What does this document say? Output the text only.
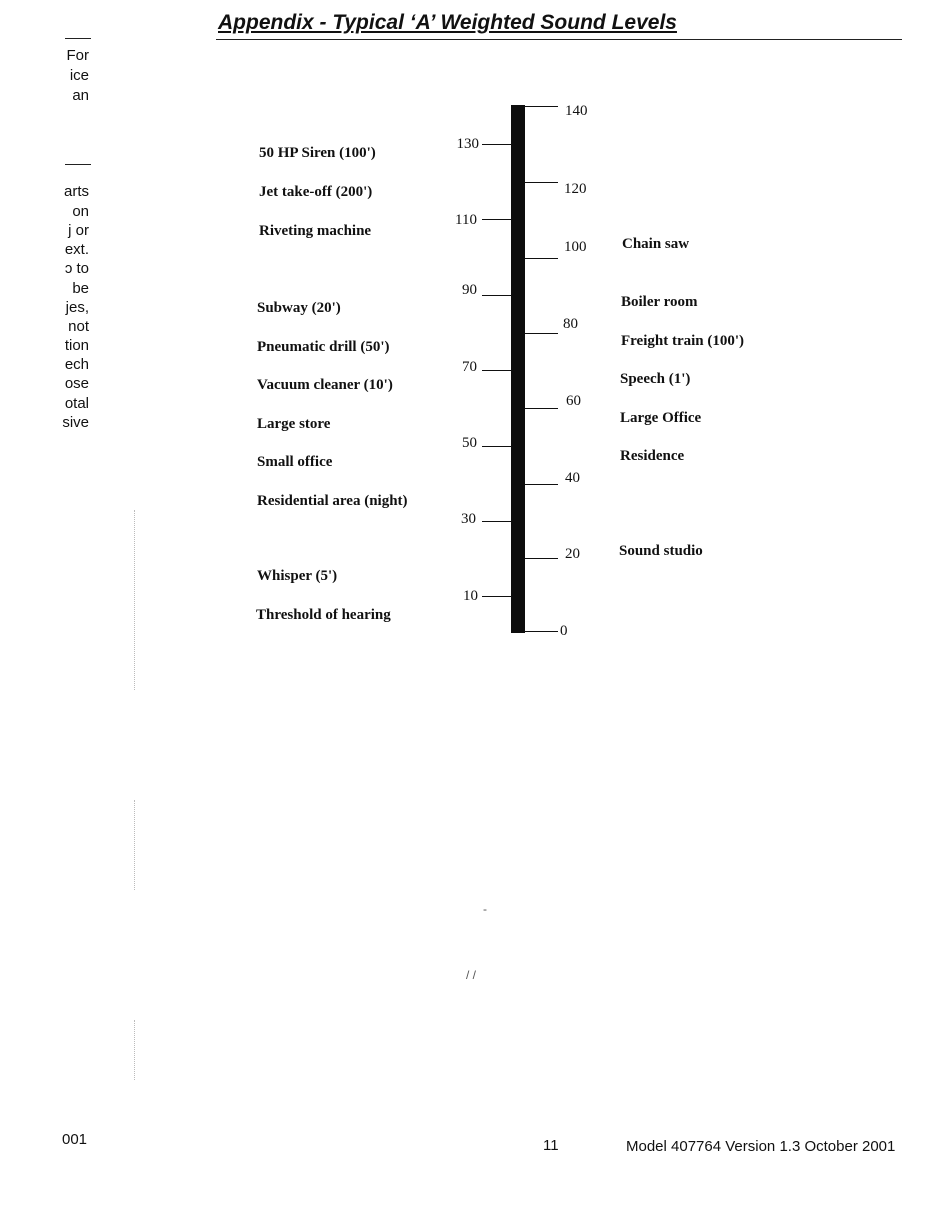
Appendix - Typical ‘A’ Weighted Sound Levels
For
ice
an
arts
on
j or
ext.
ɔ to
be
jes,
not
tion
ech
ose
otal
sive
130
110
90
70
50
30
10
140
120
100
80
60
40
20
0
50 HP Siren (100')
Jet take-off (200')
Riveting machine
Subway (20')
Pneumatic drill (50')
Vacuum cleaner (10')
Large store
Small office
Residential area (night)
Whisper (5')
Threshold of hearing
Chain saw
Boiler room
Freight train (100')
Speech (1')
Large Office
Residence
Sound studio
/ /
-
001	11	Model 407764 Version 1.3 October 2001
